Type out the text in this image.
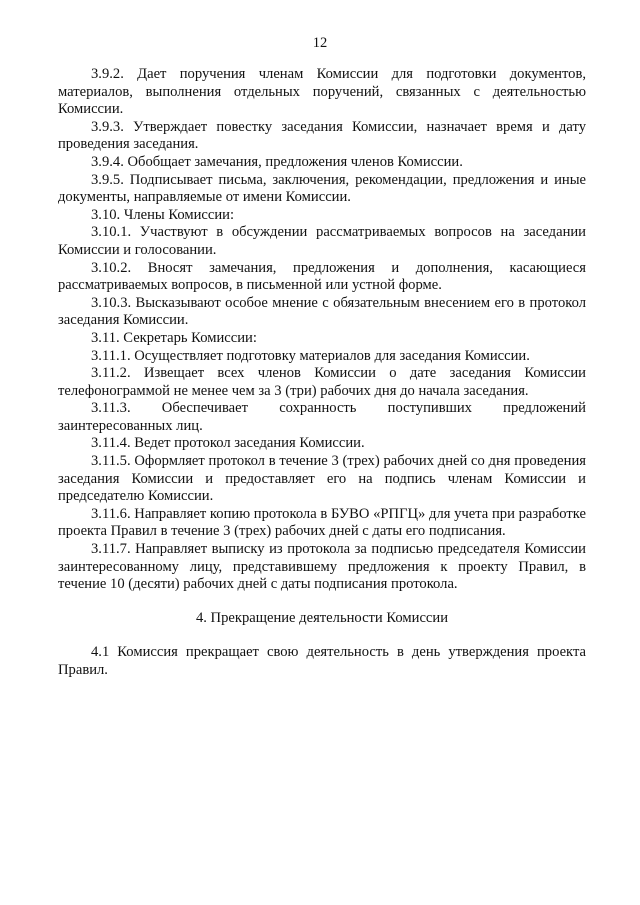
12

3.9.2. Дает поручения членам Комиссии для подготовки документов, материалов, выполнения отдельных поручений, связанных с деятельностью Комиссии.

3.9.3. Утверждает повестку заседания Комиссии, назначает время и дату проведения заседания.

3.9.4. Обобщает замечания, предложения членов Комиссии.

3.9.5. Подписывает письма, заключения, рекомендации, предложения и иные документы, направляемые от имени Комиссии.

3.10. Члены Комиссии:

3.10.1. Участвуют в обсуждении рассматриваемых вопросов на заседании Комиссии и голосовании.

3.10.2. Вносят замечания, предложения и дополнения, касающиеся рассматриваемых вопросов, в письменной или устной форме.

3.10.3. Высказывают особое мнение с обязательным внесением его в протокол заседания Комиссии.

3.11. Секретарь Комиссии:

3.11.1. Осуществляет подготовку материалов для заседания Комиссии.

3.11.2. Извещает всех членов Комиссии о дате заседания Комиссии телефонограммой не менее чем за 3 (три) рабочих дня до начала заседания.

3.11.3. Обеспечивает сохранность поступивших предложений заинтересованных лиц.

3.11.4. Ведет протокол заседания Комиссии.

3.11.5. Оформляет протокол в течение 3 (трех) рабочих дней со дня проведения заседания Комиссии и предоставляет его на подпись членам Комиссии и председателю Комиссии.

3.11.6. Направляет копию протокола в БУВО «РПГЦ» для учета при разработке проекта Правил в течение 3 (трех) рабочих дней с даты его подписания.

3.11.7. Направляет выписку из протокола за подписью председателя Комиссии заинтересованному лицу, представившему предложения к проекту Правил, в течение 10 (десяти) рабочих дней с даты подписания протокола.

4. Прекращение деятельности Комиссии

4.1 Комиссия прекращает свою деятельность в день утверждения проекта Правил.
